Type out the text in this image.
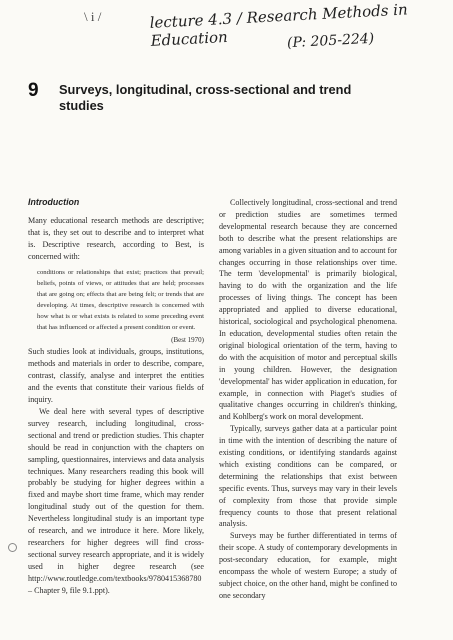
\ i /	lecture 4.3 / Research Methods in Education	(P: 205-224)
9 Surveys, longitudinal, cross-sectional and trend studies
Introduction

Many educational research methods are descriptive; that is, they set out to describe and to interpret what is. Descriptive research, according to Best, is concerned with:

conditions or relationships that exist; practices that prevail; beliefs, points of views, or attitudes that are held; processes that are going on; effects that are being felt; or trends that are developing. At times, descriptive research is concerned with how what is or what exists is related to some preceding event that has influenced or affected a present condition or event.

(Best 1970)

Such studies look at individuals, groups, institutions, methods and materials in order to describe, compare, contrast, classify, analyse and interpret the entities and the events that constitute their various fields of inquiry.

We deal here with several types of descriptive survey research, including longitudinal, cross-sectional and trend or prediction studies. This chapter should be read in conjunction with the chapters on sampling, questionnaires, interviews and data analysis techniques. Many researchers reading this book will probably be studying for higher degrees within a fixed and maybe short time frame, which may render longitudinal study out of the question for them. Nevertheless longitudinal study is an important type of research, and we introduce it here. More likely, researchers for higher degrees will find cross-sectional survey research appropriate, and it is widely used in higher degree research (see http://www.routledge.com/textbooks/9780415368780 – Chapter 9, file 9.1.ppt).

Collectively longitudinal, cross-sectional and trend or prediction studies are sometimes termed developmental research because they are concerned both to describe what the present relationships are among variables in a given situation and to account for changes occurring in those relationships over time. The term 'developmental' is primarily biological, having to do with the organization and the life processes of living things. The concept has been appropriated and applied to diverse educational, historical, sociological and psychological phenomena. In education, developmental studies often retain the original biological orientation of the term, having to do with the acquisition of motor and perceptual skills in young children. However, the designation 'developmental' has wider application in education, for example, in connection with Piaget's studies of qualitative changes occurring in children's thinking, and Kohlberg's work on moral development.

Typically, surveys gather data at a particular point in time with the intention of describing the nature of existing conditions, or identifying standards against which existing conditions can be compared, or determining the relationships that exist between specific events. Thus, surveys may vary in their levels of complexity from those that provide simple frequency counts to those that present relational analysis.

Surveys may be further differentiated in terms of their scope. A study of contemporary developments in post-secondary education, for example, might encompass the whole of western Europe; a study of subject choice, on the other hand, might be confined to one secondary
